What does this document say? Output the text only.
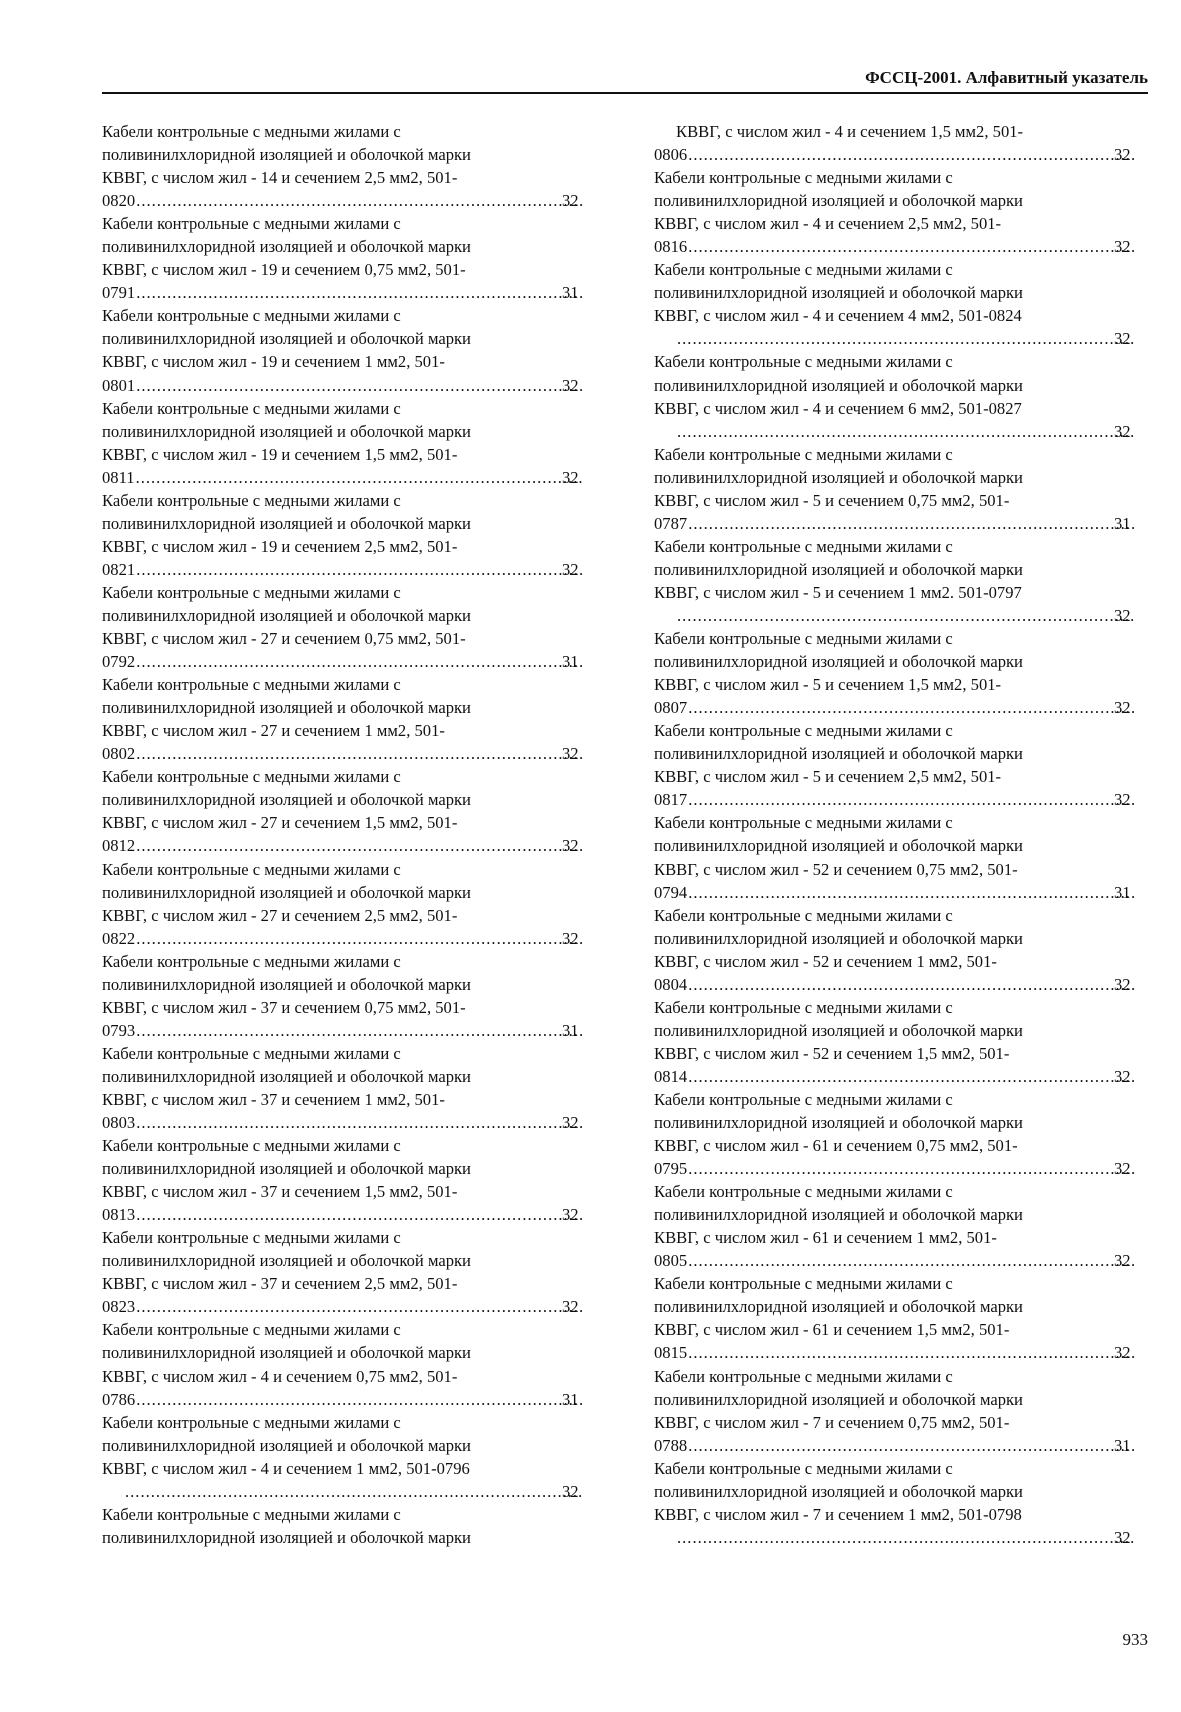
ФССЦ-2001. Алфавитный указатель
Кабели контрольные с медными жилами с
поливинилхлоридной изоляцией и оболочкой марки
КВВГ, с числом жил - 14 и сечением 2,5 мм2, 501-
0820 .....	32
Кабели контрольные с медными жилами с
поливинилхлоридной изоляцией и оболочкой марки
КВВГ, с числом жил - 19 и сечением 0,75 мм2, 501-
0791 .....	31
Кабели контрольные с медными жилами с
поливинилхлоридной изоляцией и оболочкой марки
КВВГ, с числом жил - 19 и сечением 1 мм2, 501-
0801 .....	32
Кабели контрольные с медными жилами с
поливинилхлоридной изоляцией и оболочкой марки
КВВГ, с числом жил - 19 и сечением 1,5 мм2, 501-
0811 .....	32
Кабели контрольные с медными жилами с
поливинилхлоридной изоляцией и оболочкой марки
КВВГ, с числом жил - 19 и сечением 2,5 мм2, 501-
0821 .....	32
Кабели контрольные с медными жилами с
поливинилхлоридной изоляцией и оболочкой марки
КВВГ, с числом жил - 27 и сечением 0,75 мм2, 501-
0792 .....	31
Кабели контрольные с медными жилами с
поливинилхлоридной изоляцией и оболочкой марки
КВВГ, с числом жил - 27 и сечением 1 мм2, 501-
0802 .....	32
Кабели контрольные с медными жилами с
поливинилхлоридной изоляцией и оболочкой марки
КВВГ, с числом жил - 27 и сечением 1,5 мм2, 501-
0812 .....	32
Кабели контрольные с медными жилами с
поливинилхлоридной изоляцией и оболочкой марки
КВВГ, с числом жил - 27 и сечением 2,5 мм2, 501-
0822 .....	32
Кабели контрольные с медными жилами с
поливинилхлоридной изоляцией и оболочкой марки
КВВГ, с числом жил - 37 и сечением 0,75 мм2, 501-
0793 .....	31
Кабели контрольные с медными жилами с
поливинилхлоридной изоляцией и оболочкой марки
КВВГ, с числом жил - 37 и сечением 1 мм2, 501-
0803 .....	32
Кабели контрольные с медными жилами с
поливинилхлоридной изоляцией и оболочкой марки
КВВГ, с числом жил - 37 и сечением 1,5 мм2, 501-
0813 .....	32
Кабели контрольные с медными жилами с
поливинилхлоридной изоляцией и оболочкой марки
КВВГ, с числом жил - 37 и сечением 2,5 мм2, 501-
0823 .....	32
Кабели контрольные с медными жилами с
поливинилхлоридной изоляцией и оболочкой марки
КВВГ, с числом жил - 4 и сечением 0,75 мм2, 501-
0786 .....	31
Кабели контрольные с медными жилами с
поливинилхлоридной изоляцией и оболочкой марки
КВВГ, с числом жил - 4 и сечением 1 мм2, 501-0796
.....
32
Кабели контрольные с медными жилами с
поливинилхлоридной изоляцией и оболочкой марки
КВВГ, с числом жил - 4 и сечением 1,5 мм2, 501-
0806 .....	32
Кабели контрольные с медными жилами с
поливинилхлоридной изоляцией и оболочкой марки
КВВГ, с числом жил - 4 и сечением 2,5 мм2, 501-
0816 .....	32
Кабели контрольные с медными жилами с
поливинилхлоридной изоляцией и оболочкой марки
КВВГ, с числом жил - 4 и сечением 4 мм2, 501-0824
.....
32
Кабели контрольные с медными жилами с
поливинилхлоридной изоляцией и оболочкой марки
КВВГ, с числом жил - 4 и сечением 6 мм2, 501-0827
.....
32
Кабели контрольные с медными жилами с
поливинилхлоридной изоляцией и оболочкой марки
КВВГ, с числом жил - 5 и сечением 0,75 мм2, 501-
0787 .....	31
Кабели контрольные с медными жилами с
поливинилхлоридной изоляцией и оболочкой марки
КВВГ, с числом жил - 5 и сечением 1 мм2. 501-0797
.....
32
Кабели контрольные с медными жилами с
поливинилхлоридной изоляцией и оболочкой марки
КВВГ, с числом жил - 5 и сечением 1,5 мм2, 501-
0807 .....	32
Кабели контрольные с медными жилами с
поливинилхлоридной изоляцией и оболочкой марки
КВВГ, с числом жил - 5 и сечением 2,5 мм2, 501-
0817 .....	32
Кабели контрольные с медными жилами с
поливинилхлоридной изоляцией и оболочкой марки
КВВГ, с числом жил - 52 и сечением 0,75 мм2, 501-
0794 .....	31
Кабели контрольные с медными жилами с
поливинилхлоридной изоляцией и оболочкой марки
КВВГ, с числом жил - 52 и сечением 1 мм2, 501-
0804 .....	32
Кабели контрольные с медными жилами с
поливинилхлоридной изоляцией и оболочкой марки
КВВГ, с числом жил - 52 и сечением 1,5 мм2, 501-
0814 .....	32
Кабели контрольные с медными жилами с
поливинилхлоридной изоляцией и оболочкой марки
КВВГ, с числом жил - 61 и сечением 0,75 мм2, 501-
0795 .....	32
Кабели контрольные с медными жилами с
поливинилхлоридной изоляцией и оболочкой марки
КВВГ, с числом жил - 61 и сечением 1 мм2, 501-
0805 .....	32
Кабели контрольные с медными жилами с
поливинилхлоридной изоляцией и оболочкой марки
КВВГ, с числом жил - 61 и сечением 1,5 мм2, 501-
0815 .....	32
Кабели контрольные с медными жилами с
поливинилхлоридной изоляцией и оболочкой марки
КВВГ, с числом жил - 7 и сечением 0,75 мм2, 501-
0788 .....	31
Кабели контрольные с медными жилами с
поливинилхлоридной изоляцией и оболочкой марки
КВВГ, с числом жил - 7 и сечением 1 мм2, 501-0798
.....
32
933
